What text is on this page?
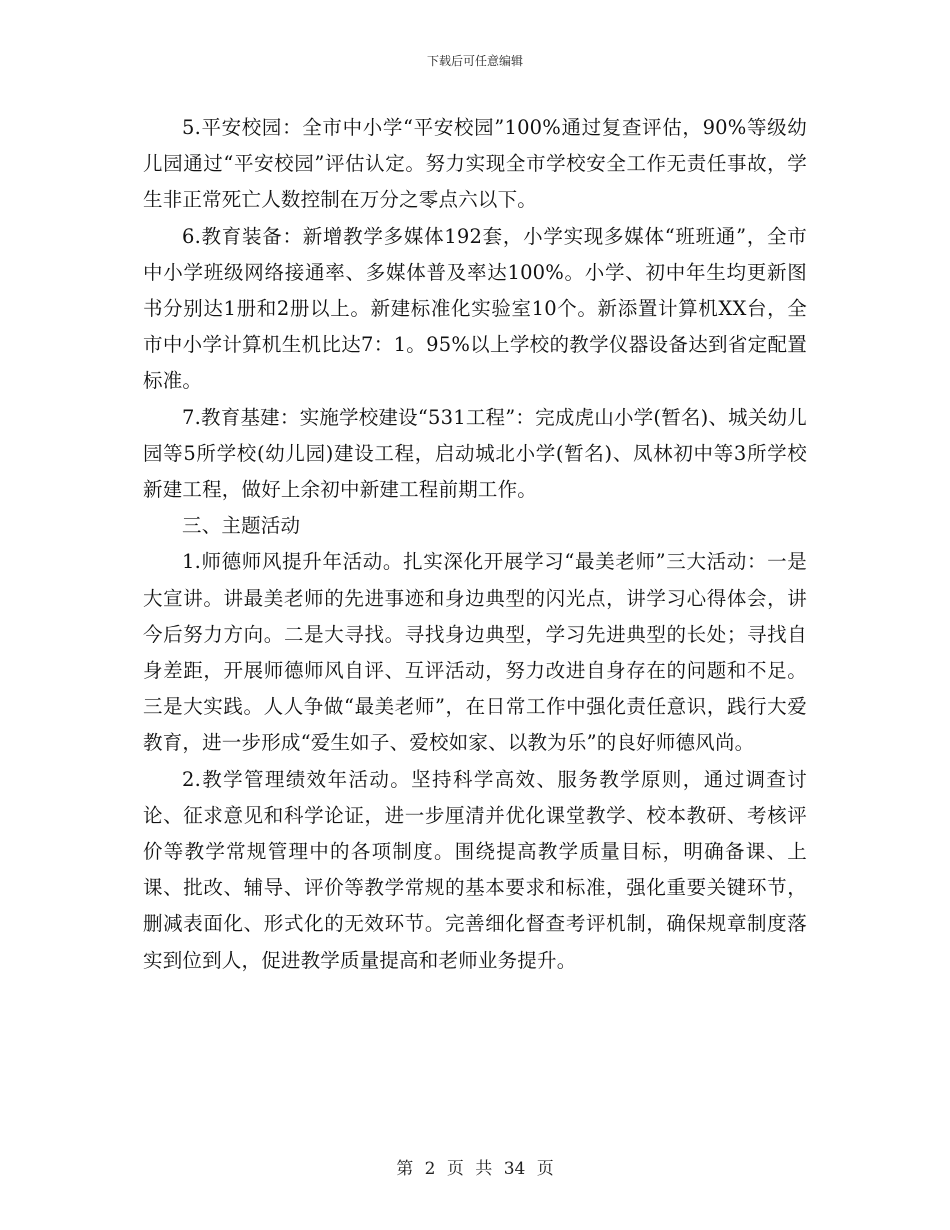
下载后可任意编辑

5.平安校园：全市中小学“平安校园”100%通过复查评估，90%等级幼儿园通过“平安校园”评估认定。努力实现全市学校安全工作无责任事故，学生非正常死亡人数控制在万分之零点六以下。

6.教育装备：新增教学多媒体192套，小学实现多媒体“班班通”，全市中小学班级网络接通率、多媒体普及率达100%。小学、初中年生均更新图书分别达1册和2册以上。新建标准化实验室10个。新添置计算机XX台，全市中小学计算机生机比达7：1。95%以上学校的教学仪器设备达到省定配置标准。

7.教育基建：实施学校建设“531工程”：完成虎山小学(暂名)、城关幼儿园等5所学校(幼儿园)建设工程，启动城北小学(暂名)、凤林初中等3所学校新建工程，做好上余初中新建工程前期工作。

三、主题活动

1.师德师风提升年活动。扎实深化开展学习“最美老师”三大活动：一是大宣讲。讲最美老师的先进事迹和身边典型的闪光点，讲学习心得体会，讲今后努力方向。二是大寻找。寻找身边典型，学习先进典型的长处；寻找自身差距，开展师德师风自评、互评活动，努力改进自身存在的问题和不足。三是大实践。人人争做“最美老师”，在日常工作中强化责任意识，践行大爱教育，进一步形成“爱生如子、爱校如家、以教为乐”的良好师德风尚。

2.教学管理绩效年活动。坚持科学高效、服务教学原则，通过调查讨论、征求意见和科学论证，进一步厘清并优化课堂教学、校本教研、考核评价等教学常规管理中的各项制度。围绕提高教学质量目标，明确备课、上课、批改、辅导、评价等教学常规的基本要求和标准，强化重要关键环节，删减表面化、形式化的无效环节。完善细化督查考评机制，确保规章制度落实到位到人，促进教学质量提高和老师业务提升。

第 2 页 共 34 页
